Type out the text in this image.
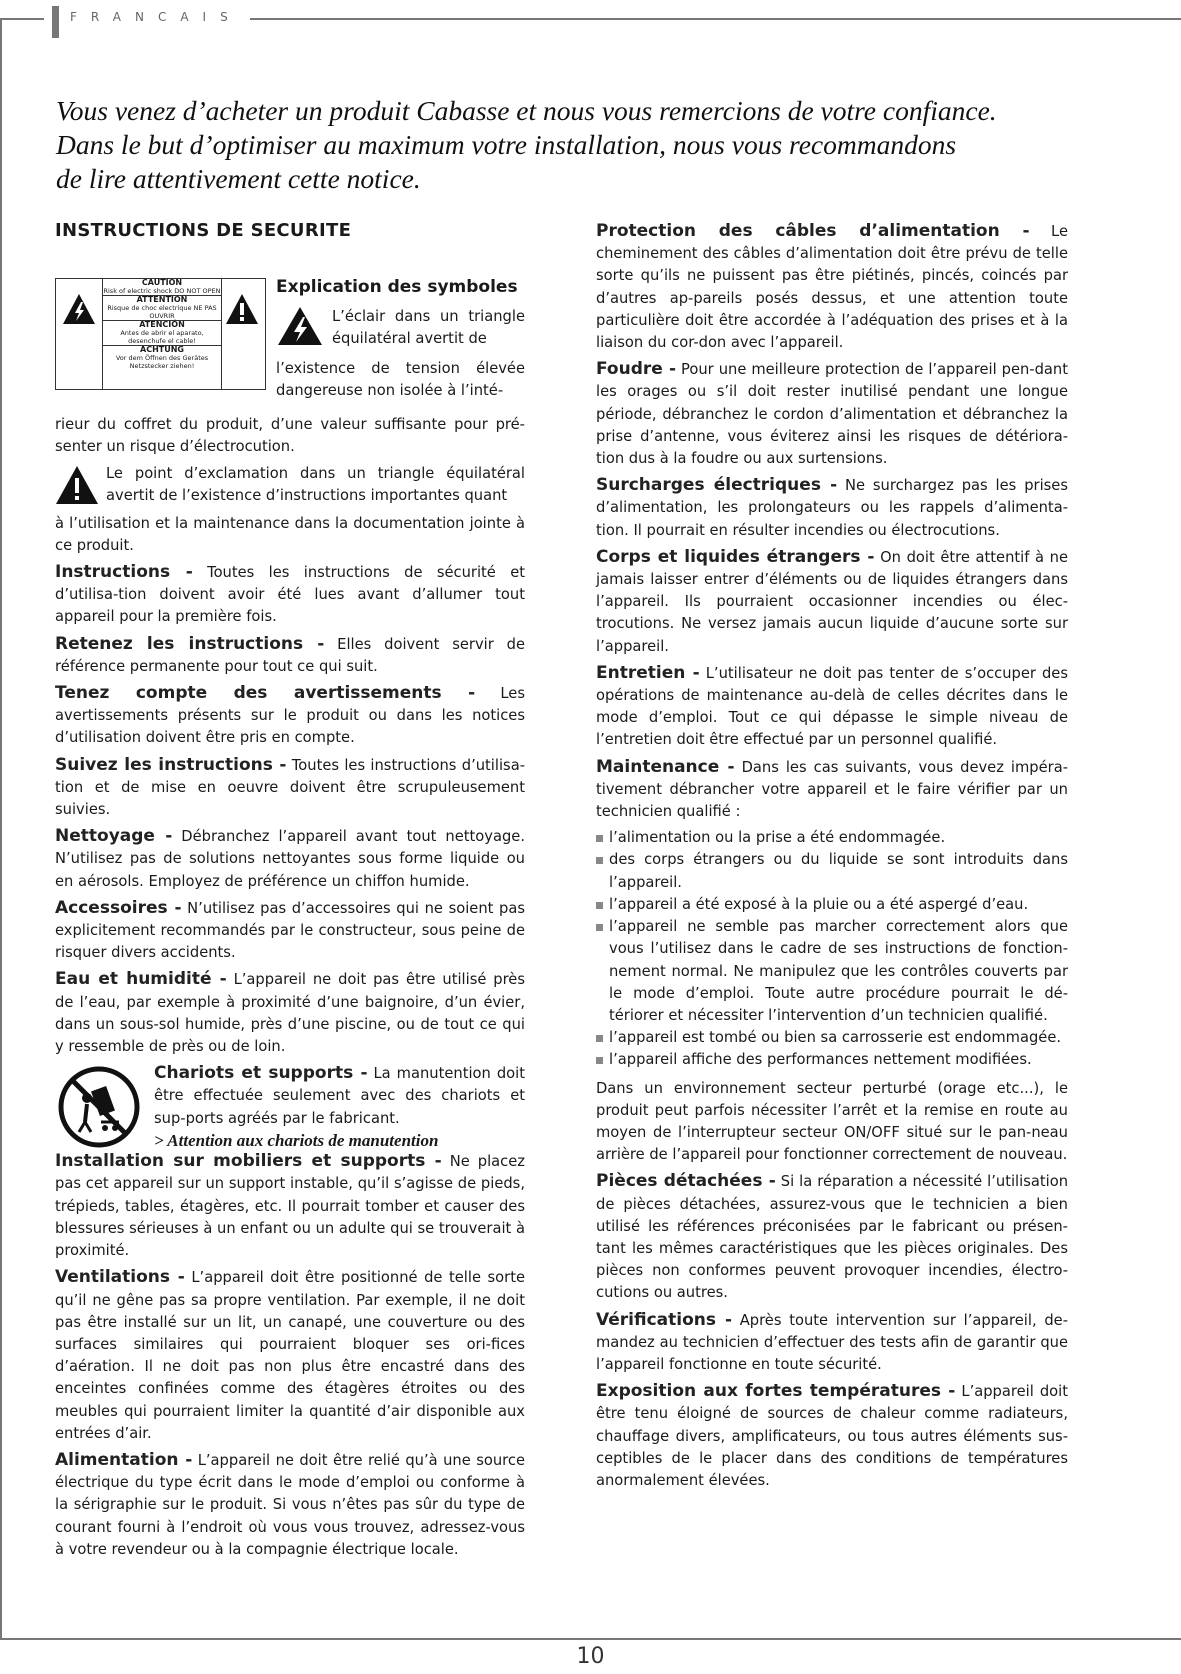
FRANCAIS

Vous venez d’acheter un produit Cabasse et nous vous remercions de votre confiance.

Dans le but d’optimiser au maximum votre installation, nous vous recommandons

de lire attentivement cette notice.

INSTRUCTIONS DE SECURITE
CAUTION
Risk of electric shock DO NOT OPEN
ATTENTION
Risque de choc electrique NE PAS OUVRIR
ATENCIÓN
Antes de abrir el aparato, desenchufe el cable!
ACHTUNG
Vor dem Öffnen des Gerätes Netzstecker ziehen!
Explication des symboles
L’éclair dans un triangle équilatéral avertit de
l’existence de tension élevée dangereuse non isolée à l’inté-

rieur du coffret du produit, d’une valeur suffisante pour pré-senter un risque d’électrocution.

Le point d’exclamation dans un triangle équilatéral avertit de l’existence d’instructions importantes quant

à l’utilisation et la maintenance dans la documentation jointe à ce produit.

Instructions - Toutes les instructions de sécurité et d’utilisa-tion doivent avoir été lues avant d’allumer tout appareil pour la première fois.

Retenez les instructions - Elles doivent servir de référence permanente pour tout ce qui suit.

Tenez compte des avertissements - Les avertissements présents sur le produit ou dans les notices d’utilisation doivent être pris en compte.

Suivez les instructions - Toutes les instructions d’utilisa-tion et de mise en oeuvre doivent être scrupuleusement suivies.

Nettoyage - Débranchez l’appareil avant tout nettoyage. N’utilisez pas de solutions nettoyantes sous forme liquide ou en aérosols. Employez de préférence un chiffon humide.

Accessoires - N’utilisez pas d’accessoires qui ne soient pas explicitement recommandés par le constructeur, sous peine de risquer divers accidents.

Eau et humidité - L’appareil ne doit pas être utilisé près de l’eau, par exemple à proximité d’une baignoire, d’un évier, dans un sous-sol humide, près d’une piscine, ou de tout ce qui y ressemble de près ou de loin.

Chariots et supports - La manutention doit être effectuée seulement avec des chariots et sup-ports agréés par le fabricant.
> Attention aux chariots de manutention

Installation sur mobiliers et supports - Ne placez pas cet appareil sur un support instable, qu’il s’agisse de pieds, trépieds, tables, étagères, etc. Il pourrait tomber et causer des blessures sérieuses à un enfant ou un adulte qui se trouverait à proximité.

Ventilations - L’appareil doit être positionné de telle sorte qu’il ne gêne pas sa propre ventilation. Par exemple, il ne doit pas être installé sur un lit, un canapé, une couverture ou des surfaces similaires qui pourraient bloquer ses ori-fices d’aération. Il ne doit pas non plus être encastré dans des enceintes confinées comme des étagères étroites ou des meubles qui pourraient limiter la quantité d’air disponible aux entrées d’air.

Alimentation - L’appareil ne doit être relié qu’à une source électrique du type écrit dans le mode d’emploi ou conforme à la sérigraphie sur le produit. Si vous n’êtes pas sûr du type de courant fourni à l’endroit où vous vous trouvez, adressez-vous à votre revendeur ou à la compagnie électrique locale.

Protection des câbles d’alimentation - Le cheminement des câbles d’alimentation doit être prévu de telle sorte qu’ils ne puissent pas être piétinés, pincés, coincés par d’autres ap-pareils posés dessus, et une attention toute particulière doit être accordée à l’adéquation des prises et à la liaison du cor-don avec l’appareil.

Foudre - Pour une meilleure protection de l’appareil pen-dant les orages ou s’il doit rester inutilisé pendant une longue période, débranchez le cordon d’alimentation et débranchez la prise d’antenne, vous éviterez ainsi les risques de détériora-tion dus à la foudre ou aux surtensions.

Surcharges électriques - Ne surchargez pas les prises d’alimentation, les prolongateurs ou les rappels d’alimenta-tion. Il pourrait en résulter incendies ou électrocutions.

Corps et liquides étrangers - On doit être attentif à ne jamais laisser entrer d’éléments ou de liquides étrangers dans l’appareil. Ils pourraient occasionner incendies ou élec-trocutions. Ne versez jamais aucun liquide d’aucune sorte sur l’appareil.

Entretien - L’utilisateur ne doit pas tenter de s’occuper des opérations de maintenance au-delà de celles décrites dans le mode d’emploi. Tout ce qui dépasse le simple niveau de l’entretien doit être effectué par un personnel qualifié.

Maintenance - Dans les cas suivants, vous devez impéra-tivement débrancher votre appareil et le faire vérifier par un technicien qualifié :

l’alimentation ou la prise a été endommagée.
des corps étrangers ou du liquide se sont introduits dans l’appareil.
l’appareil a été exposé à la pluie ou a été aspergé d’eau.
l’appareil ne semble pas marcher correctement alors que vous l’utilisez dans le cadre de ses instructions de fonction-nement normal. Ne manipulez que les contrôles couverts par le mode d’emploi. Toute autre procédure pourrait le dé-tériorer et nécessiter l’intervention d’un technicien qualifié.
l’appareil est tombé ou bien sa carrosserie est endommagée.
l’appareil affiche des performances nettement modifiées.

Dans un environnement secteur perturbé (orage etc...), le produit peut parfois nécessiter l’arrêt et la remise en route au moyen de l’interrupteur secteur ON/OFF situé sur le pan-neau arrière de l’appareil pour fonctionner correctement de nouveau.

Pièces détachées - Si la réparation a nécessité l’utilisation de pièces détachées, assurez-vous que le technicien a bien utilisé les références préconisées par le fabricant ou présen-tant les mêmes caractéristiques que les pièces originales. Des pièces non conformes peuvent provoquer incendies, électro-cutions ou autres.

Vérifications - Après toute intervention sur l’appareil, de-mandez au technicien d’effectuer des tests afin de garantir que l’appareil fonctionne en toute sécurité.

Exposition aux fortes températures - L’appareil doit être tenu éloigné de sources de chaleur comme radiateurs, chauffage divers, amplificateurs, ou tous autres éléments sus-ceptibles de le placer dans des conditions de températures anormalement élevées.

10
